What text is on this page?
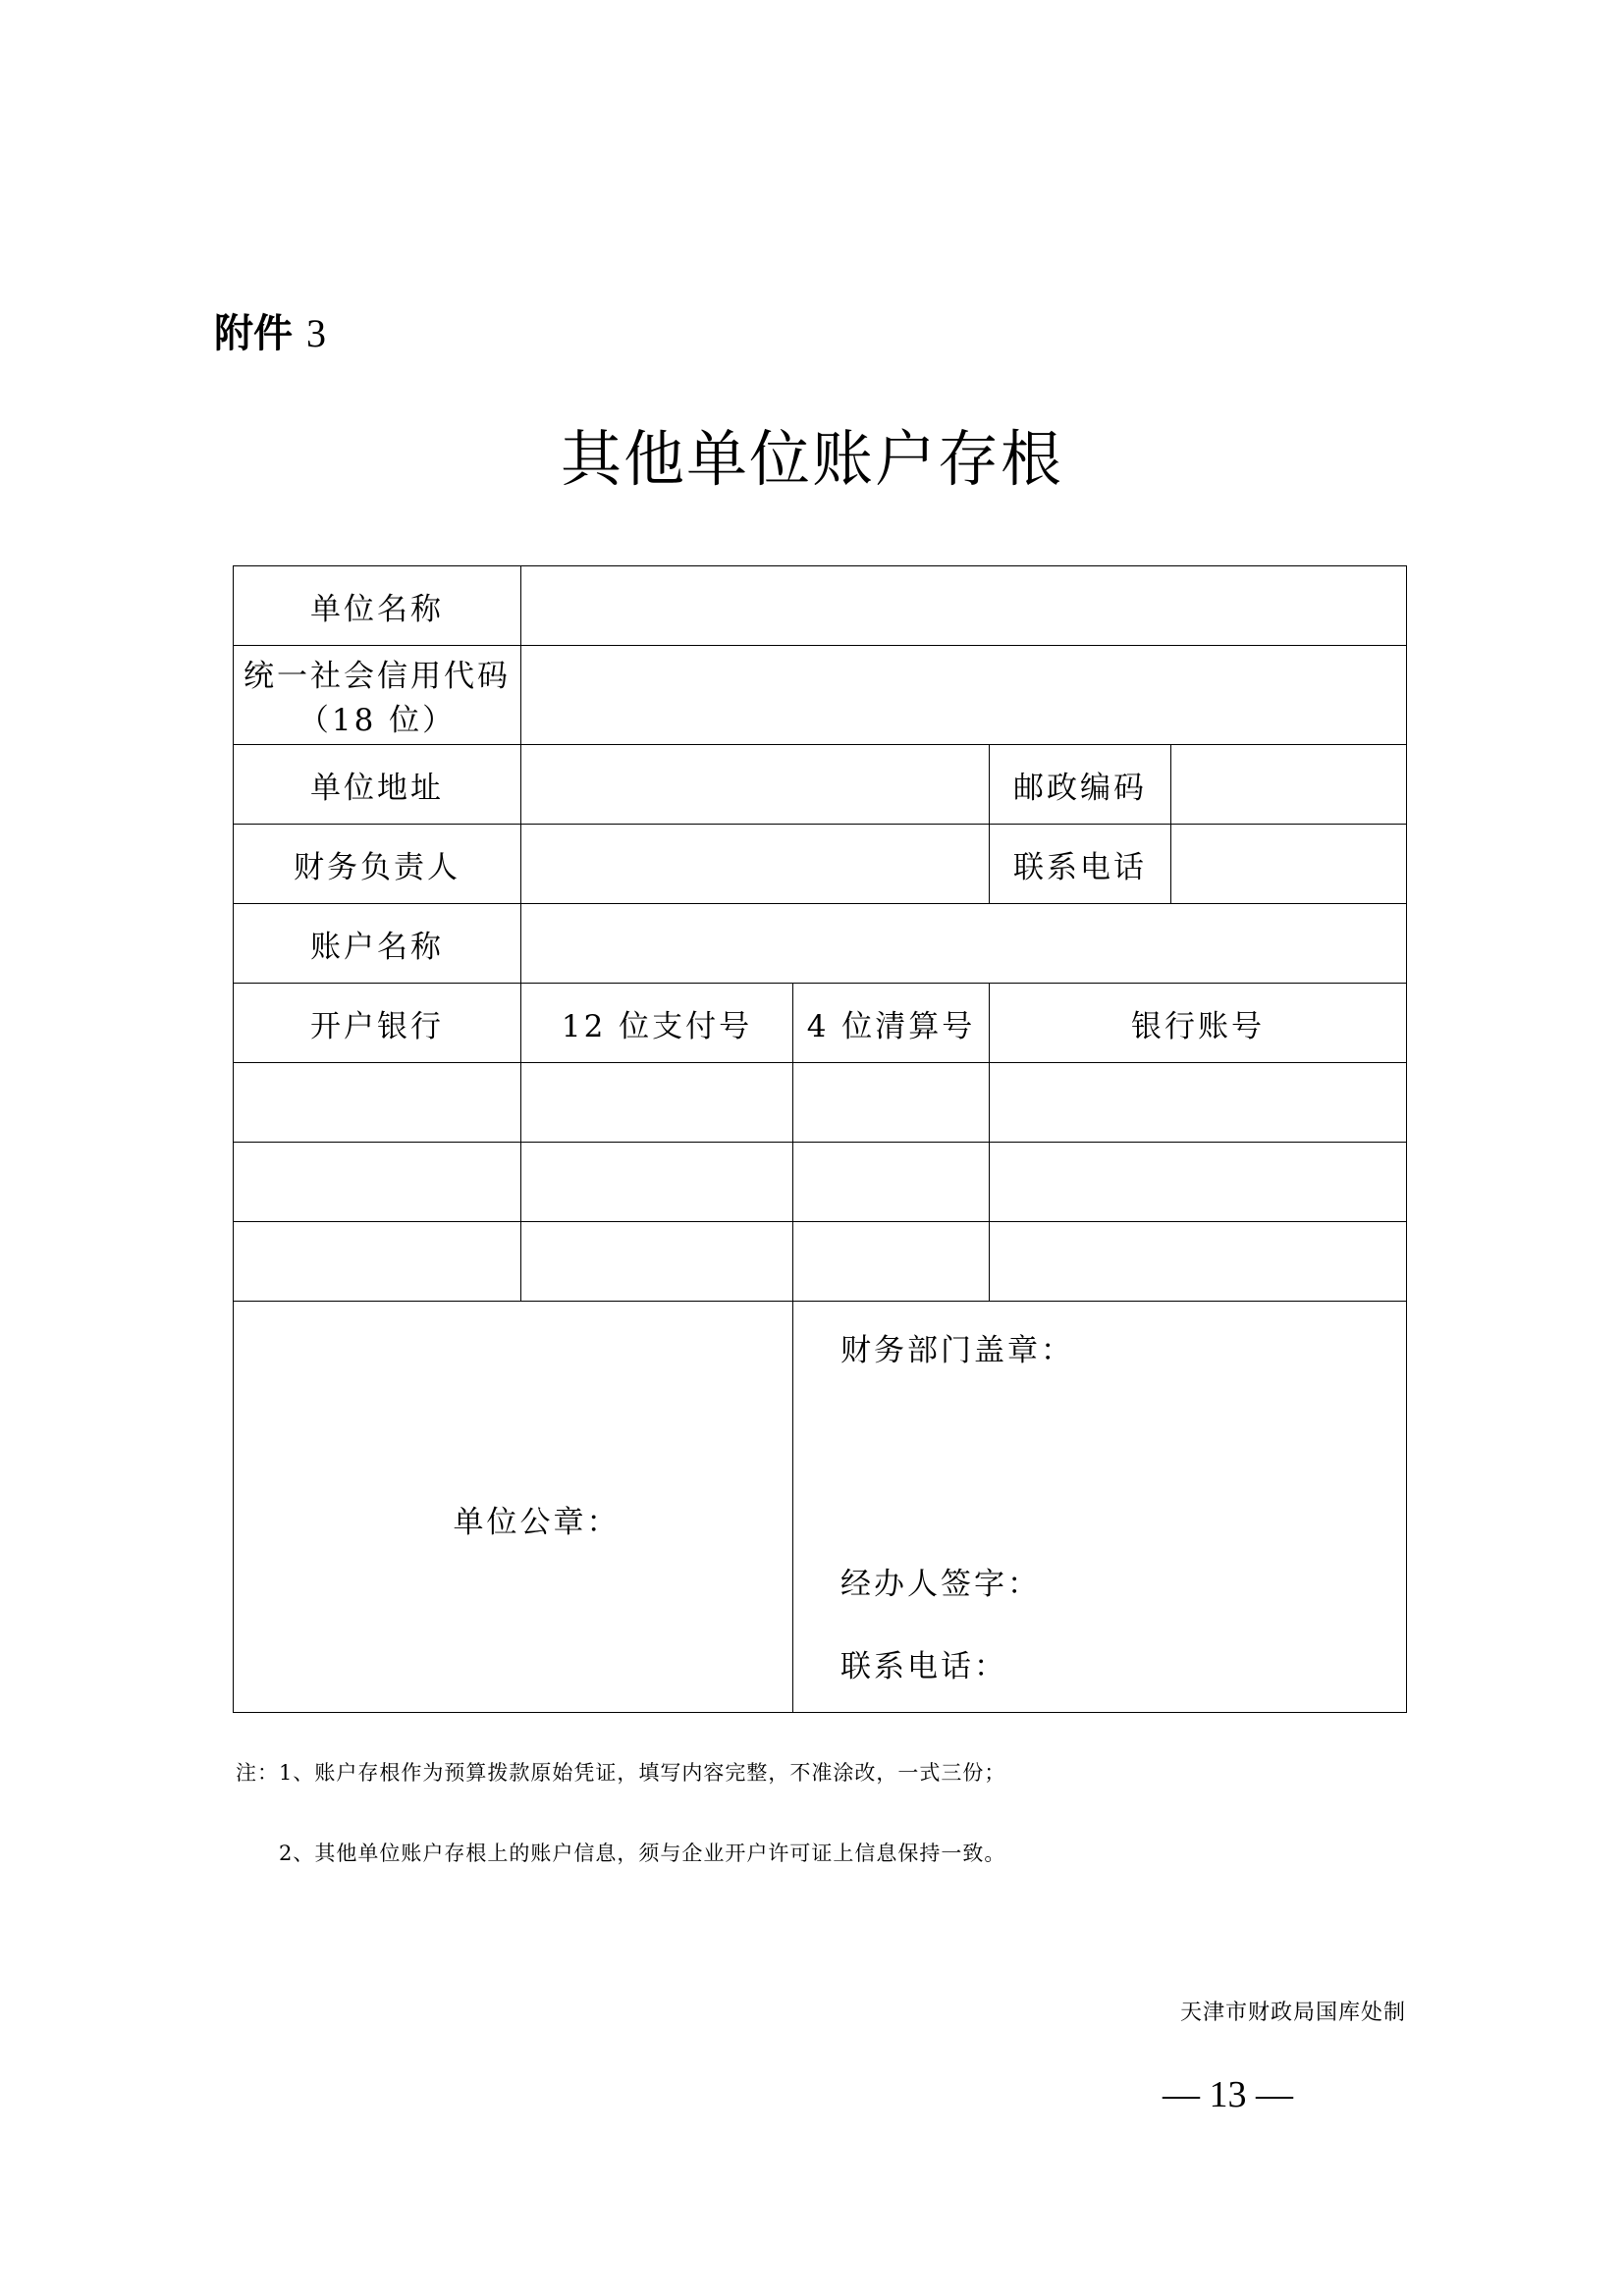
附件 3
其他单位账户存根
单位名称				

统一社会信用代码
（18 位）				

单位地址			邮政编码	
财务负责人			联系电话	
账户名称				
开户银行	12 位支付号	4 位清算号	银行账号	

单位公章：		财务部门盖章：
经办人签字：
联系电话：		
注：1、账户存根作为预算拨款原始凭证，填写内容完整，不准涂改，一式三份；
2、其他单位账户存根上的账户信息，须与企业开户许可证上信息保持一致。
天津市财政局国库处制
— 13 —
